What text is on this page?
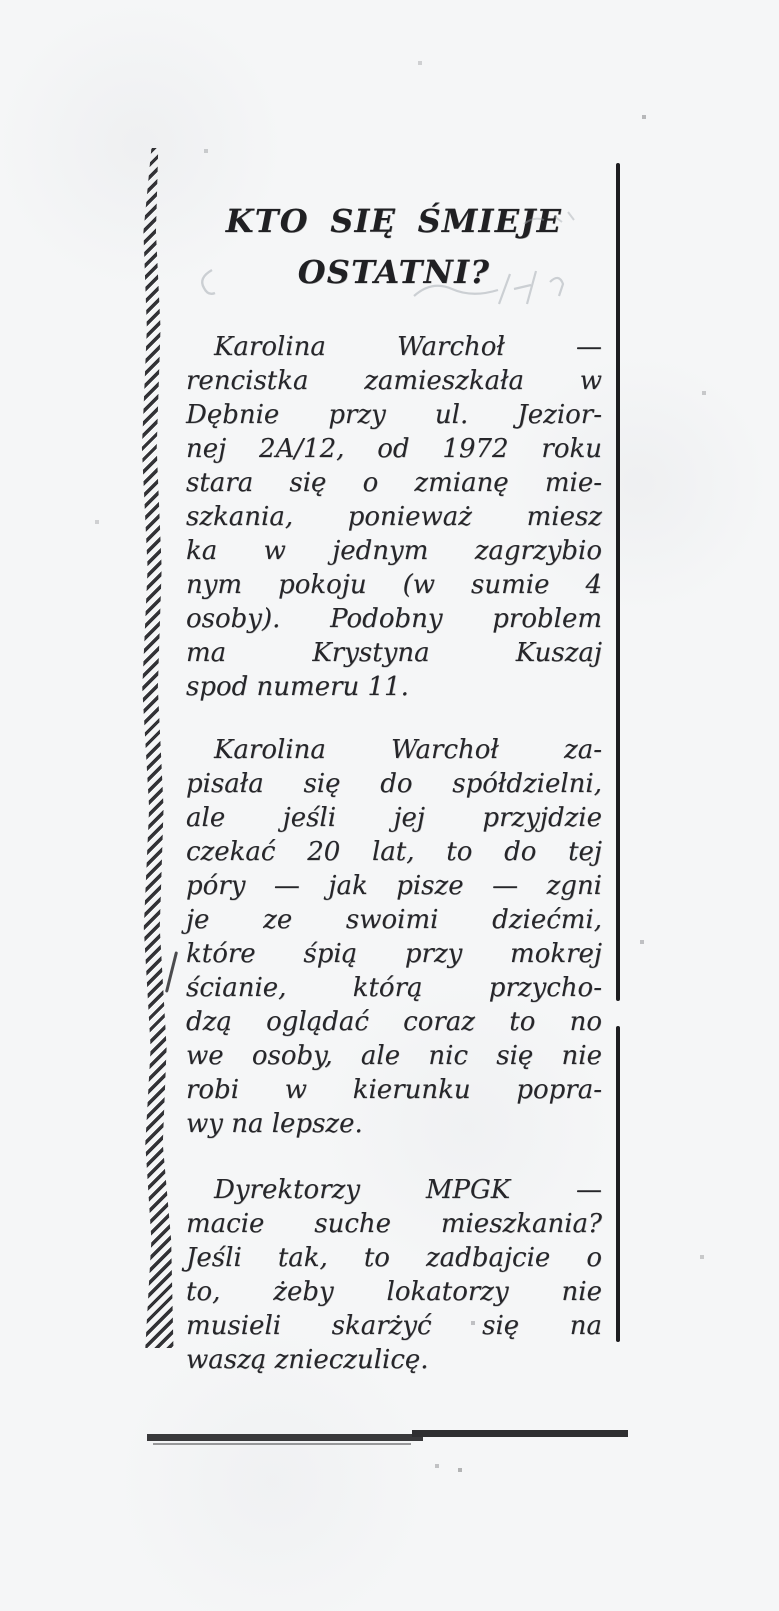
KTO SIĘ ŚMIEJE
OSTATNI?
Karolina Warchoł —
rencistka zamieszkała w
Dębnie przy ul. Jezior-
nej 2A/12, od 1972 roku
stara się o zmianę mie-
szkania, ponieważ miesz
ka w jednym zagrzybio
nym pokoju (w sumie 4
osoby). Podobny problem
ma Krystyna Kuszaj
spod numeru 11.
Karolina Warchoł za-
pisała się do spółdzielni,
ale jeśli jej przyjdzie
czekać 20 lat, to do tej
póry — jak pisze — zgni
je ze swoimi dziećmi,
które śpią przy mokrej
ścianie, którą przycho-
dzą oglądać coraz to no
we osoby, ale nic się nie
robi w kierunku popra-
wy na lepsze.
Dyrektorzy MPGK —
macie suche mieszkania?
Jeśli tak, to zadbajcie o
to, żeby lokatorzy nie
musieli skarżyć się na
waszą znieczulicę.
